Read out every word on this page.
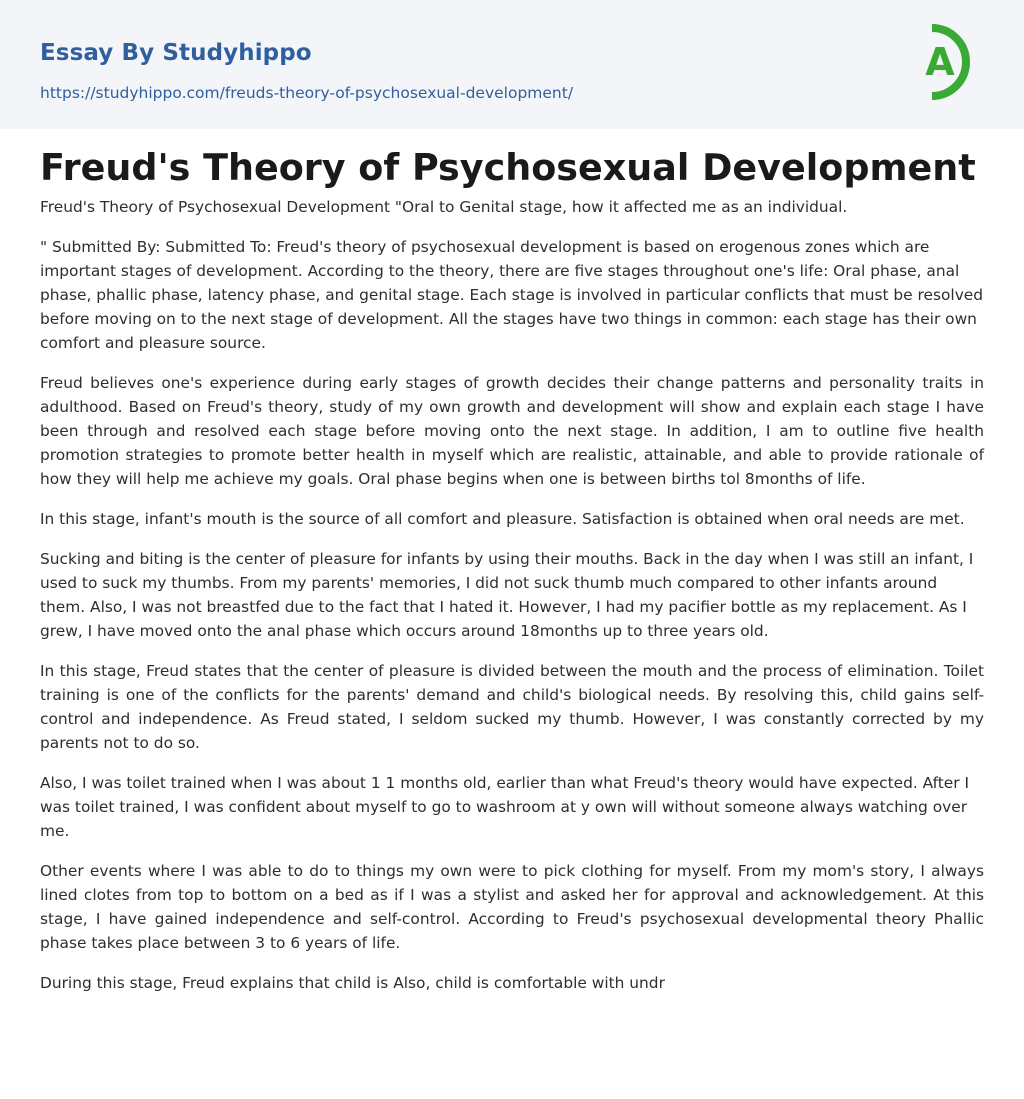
Essay By Studyhippo
https://studyhippo.com/freuds-theory-of-psychosexual-development/
A
Freud's Theory of Psychosexual Development

Freud's Theory of Psychosexual Development "Oral to Genital stage, how it affected me as an individual.

" Submitted By: Submitted To: Freud's theory of psychosexual development is based on erogenous zones which are important stages of development. According to the theory, there are five stages throughout one's life: Oral phase, anal phase, phallic phase, latency phase, and genital stage. Each stage is involved in particular conflicts that must be resolved before moving on to the next stage of development. All the stages have two things in common: each stage has their own comfort and pleasure source.

Freud believes one's experience during early stages of growth decides their change patterns and personality traits in adulthood. Based on Freud's theory, study of my own growth and development will show and explain each stage I have been through and resolved each stage before moving onto the next stage. In addition, I am to outline five health promotion strategies to promote better health in myself which are realistic, attainable, and able to provide rationale of how they will help me achieve my goals. Oral phase begins when one is between births tol 8months of life.

In this stage, infant's mouth is the source of all comfort and pleasure. Satisfaction is obtained when oral needs are met.

Sucking and biting is the center of pleasure for infants by using their mouths. Back in the day when I was still an infant, I used to suck my thumbs. From my parents' memories, I did not suck thumb much compared to other infants around them. Also, I was not breastfed due to the fact that I hated it. However, I had my pacifier bottle as my replacement. As I grew, I have moved onto the anal phase which occurs around 18months up to three years old.

In this stage, Freud states that the center of pleasure is divided between the mouth and the process of elimination. Toilet training is one of the conflicts for the parents' demand and child's biological needs. By resolving this, child gains self-control and independence. As Freud stated, I seldom sucked my thumb. However, I was constantly corrected by my parents not to do so.

Also, I was toilet trained when I was about 1 1 months old, earlier than what Freud's theory would have expected. After I was toilet trained, I was confident about myself to go to washroom at y own will without someone always watching over me.

Other events where I was able to do to things my own were to pick clothing for myself. From my mom's story, I always lined clotes from top to bottom on a bed as if I was a stylist and asked her for approval and acknowledgement. At this stage, I have gained independence and self-control. According to Freud's psychosexual developmental theory Phallic phase takes place between 3 to 6 years of life.

During this stage, Freud explains that child is Also, child is comfortable with undr
